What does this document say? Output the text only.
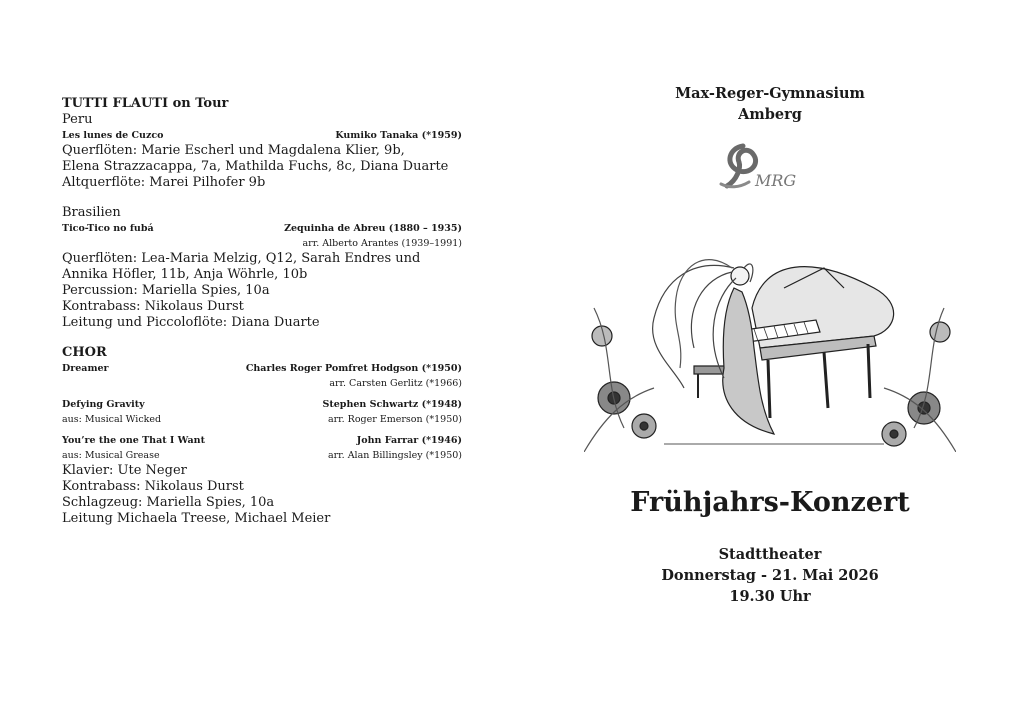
TUTTI FLAUTI on Tour

Peru

Les lunes de Cuzco	Kumiko Tanaka (*1959)

Querflöten: Marie Escherl und Magdalena Klier, 9b,

Elena Strazzacappa, 7a, Mathilda Fuchs, 8c, Diana Duarte

Altquerflöte: Marei Pilhofer 9b

Brasilien

Tico-Tico no fubá	Zequinha de Abreu (1880 – 1935)
arr. Alberto Arantes (1939–1991)

Querflöten: Lea-Maria Melzig, Q12, Sarah Endres und

Annika Höfler, 11b, Anja Wöhrle, 10b

Percussion: Mariella Spies, 10a

Kontrabass: Nikolaus Durst

Leitung und Piccoloflöte: Diana Duarte

CHOR

Dreamer	Charles Roger Pomfret Hodgson (*1950)
arr. Carsten Gerlitz (*1966)
Defying Gravity	Stephen Schwartz (*1948)
aus: Musical Wicked	arr. Roger Emerson (*1950)
You’re the one That I Want	John Farrar (*1946)
aus: Musical Grease	arr. Alan Billingsley (*1950)

Klavier: Ute Neger

Kontrabass: Nikolaus Durst

Schlagzeug: Mariella Spies, 10a

Leitung Michaela Treese, Michael Meier

Max-Reger-Gymnasium
Amberg
MRG
Frühjahrs-Konzert
Stadttheater
Donnerstag - 21. Mai 2026
19.30 Uhr
